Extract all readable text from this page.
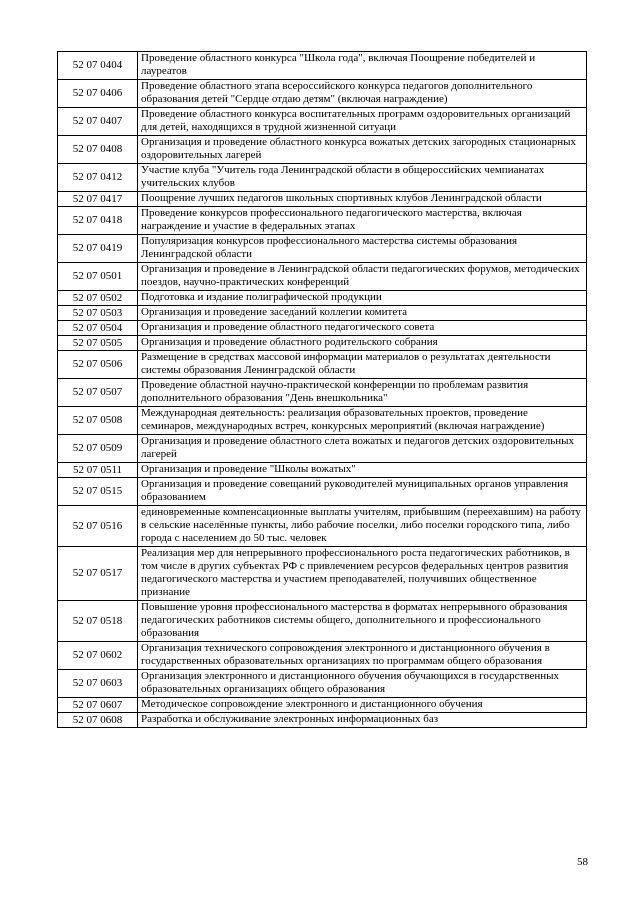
52 07 0404	Проведение областного конкурса "Школа года", включая Поощрение победителей и лауреатов
52 07 0406	Проведение областного этапа всероссийского конкурса педагогов дополнительного образования детей "Сердце отдаю детям" (включая награждение)
52 07 0407	Проведение областного конкурса воспитательных программ оздоровительных организаций для детей, находящихся в трудной жизненной ситуаци
52 07 0408	Организация и проведение областного конкурса вожатых детских загородных стационарных оздоровительных лагерей
52 07 0412	Участие клуба "Учитель года Ленинградской области в общероссийских чемпианатах учительских клубов
52 07 0417	Поощрение лучших педагогов школьных спортивных клубов Ленинградской области
52 07 0418	Проведение конкурсов профессионального педагогического мастерства, включая награждение и участие в федеральных этапах
52 07 0419	Популяризация конкурсов профессионального мастерства системы образования Ленинградской области
52 07 0501	Организация и проведение в Ленинградской области педагогических форумов, методических поездов, научно-практических конференций
52 07 0502	Подготовка и издание полиграфической продукции
52 07 0503	Организация и проведение заседаний коллегии комитета
52 07 0504	Организация и проведение областного педагогического совета
52 07 0505	Организация и проведение областного родительского собрания
52 07 0506	Размещение в средствах массовой информации материалов о результатах деятельности системы образования Ленинградской области
52 07 0507	Проведение областной научно-практической конференции по проблемам развития дополнительного образования "День внешкольника"
52 07 0508	Международная деятельность: реализация образовательных проектов, проведение семинаров, международных встреч, конкурсных мероприятий (включая награждение)
52 07 0509	Организация и проведение областного слета вожатых и педагогов детских оздоровительных лагерей
52 07 0511	Организация и проведение "Школы вожатых"
52 07 0515	Организация и проведение совещаний руководителей муниципальных органов управления образованием
52 07 0516	единовременные компенсационные выплаты учителям, прибывшим (переехавшим) на работу в сельские населённые пункты, либо рабочие поселки, либо поселки городского типа, либо города с населением до 50 тыс. человек
52 07 0517	Реализация мер для непрерывного профессионального роста педагогических работников, в том числе в других субъектах РФ с привлечением ресурсов федеральных центров развития педагогического мастерства и участием преподавателей, получивших общественное признание
52 07 0518	Повышение уровня профессионального мастерства в форматах непрерывного образования педагогических работников системы общего, дополнительного и профессионального образования
52 07 0602	Организация технического сопровождения электронного и дистанционного обучения в государственных образовательных организациях по программам общего образования
52 07 0603	Организация электронного и дистанционного обучения обучающихся в государственных образовательных организациях общего образования
52 07 0607	Методическое сопровождение электронного и дистанционного обучения
52 07 0608	Разработка и обслуживание электронных информационных баз
58
